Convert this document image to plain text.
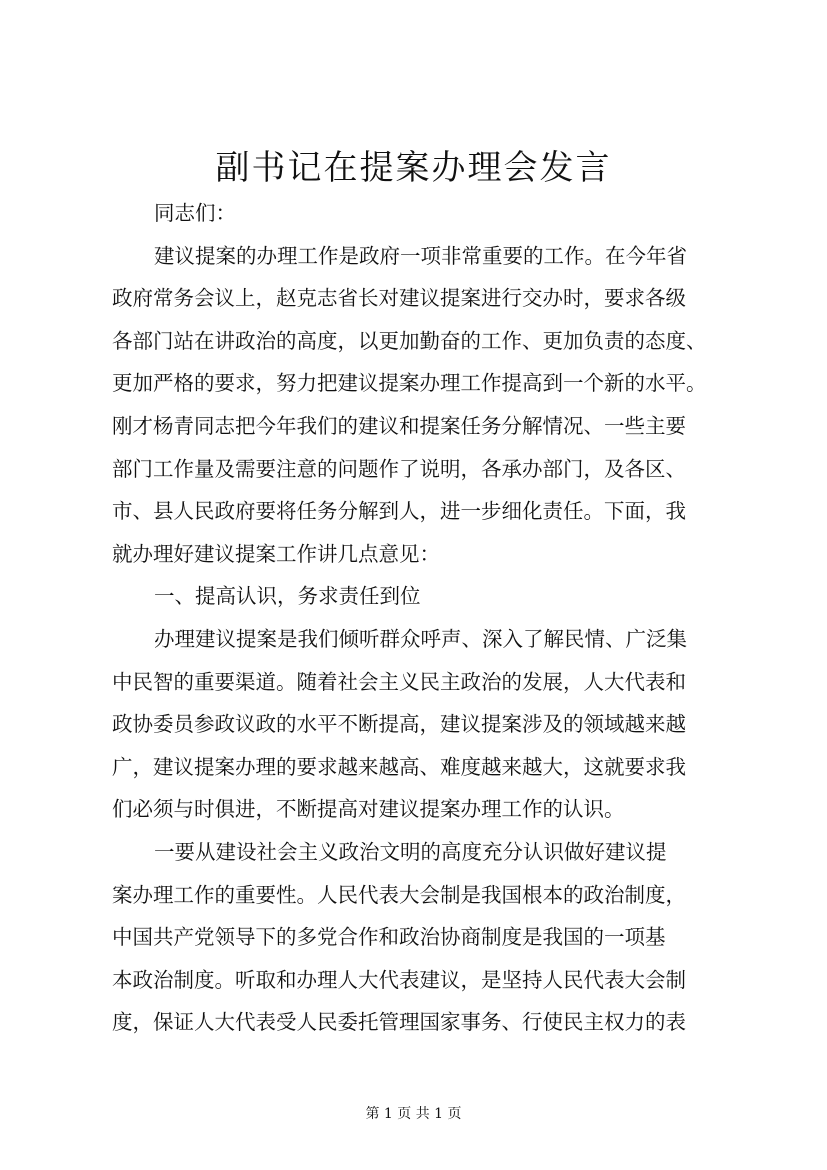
副书记在提案办理会发言
同志们：
建议提案的办理工作是政府一项非常重要的工作。在今年省
政府常务会议上，赵克志省长对建议提案进行交办时，要求各级
各部门站在讲政治的高度，以更加勤奋的工作、更加负责的态度、
更加严格的要求，努力把建议提案办理工作提高到一个新的水平。
刚才杨青同志把今年我们的建议和提案任务分解情况、一些主要
部门工作量及需要注意的问题作了说明，各承办部门，及各区、
市、县人民政府要将任务分解到人，进一步细化责任。下面，我
就办理好建议提案工作讲几点意见：
一、提高认识，务求责任到位
办理建议提案是我们倾听群众呼声、深入了解民情、广泛集
中民智的重要渠道。随着社会主义民主政治的发展，人大代表和
政协委员参政议政的水平不断提高，建议提案涉及的领域越来越
广，建议提案办理的要求越来越高、难度越来越大，这就要求我
们必须与时俱进，不断提高对建议提案办理工作的认识。
一要从建设社会主义政治文明的高度充分认识做好建议提
案办理工作的重要性。人民代表大会制是我国根本的政治制度，
中国共产党领导下的多党合作和政治协商制度是我国的一项基
本政治制度。听取和办理人大代表建议，是坚持人民代表大会制
度，保证人大代表受人民委托管理国家事务、行使民主权力的表
第 1 页 共 1 页
